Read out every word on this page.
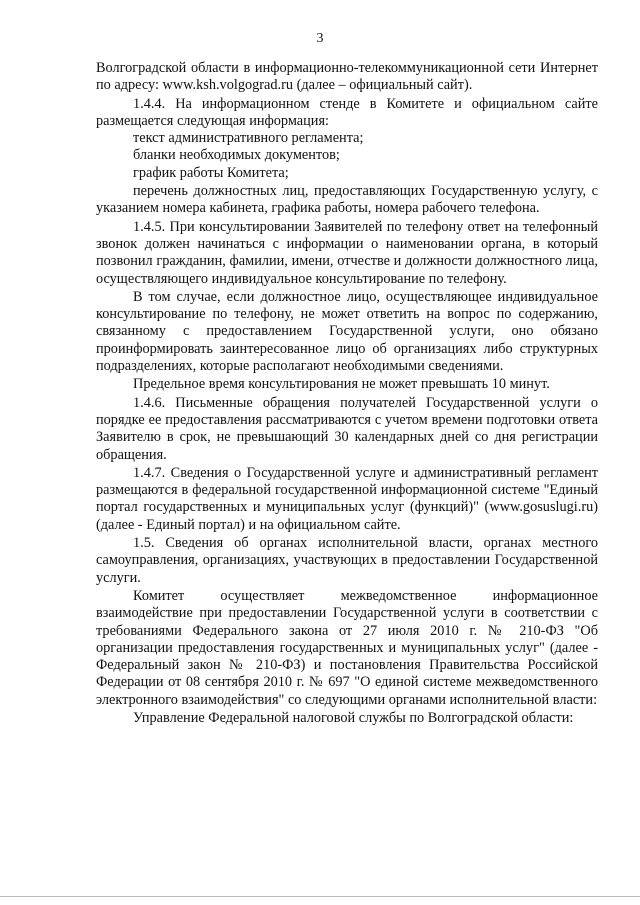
3

Волгоградской области в информационно-телекоммуникационной сети Интернет по адресу: www.ksh.volgograd.ru (далее – официальный сайт).

1.4.4. На информационном стенде в Комитете и официальном сайте размещается следующая информация:

текст административного регламента;

бланки необходимых документов;

график работы Комитета;

перечень должностных лиц, предоставляющих Государственную услугу, с указанием номера кабинета, графика работы, номера рабочего телефона.

1.4.5. При консультировании Заявителей по телефону ответ на телефонный звонок должен начинаться с информации о наименовании органа, в который позвонил гражданин, фамилии, имени, отчестве и должности должностного лица, осуществляющего индивидуальное консультирование по телефону.

В том случае, если должностное лицо, осуществляющее индивидуальное консультирование по телефону, не может ответить на вопрос по содержанию, связанному с предоставлением Государственной услуги, оно обязано проинформировать заинтересованное лицо об организациях либо структурных подразделениях, которые располагают необходимыми сведениями.

Предельное время консультирования не может превышать 10 минут.

1.4.6. Письменные обращения получателей Государственной услуги о порядке ее предоставления рассматриваются с учетом времени подготовки ответа Заявителю в срок, не превышающий 30 календарных дней со дня регистрации обращения.

1.4.7. Сведения о Государственной услуге и административный регламент размещаются в федеральной государственной информационной системе "Единый портал государственных и муниципальных услуг (функций)" (www.gosuslugi.ru) (далее - Единый портал) и на официальном сайте.

1.5. Сведения об органах исполнительной власти, органах местного самоуправления, организациях, участвующих в предоставлении Государственной услуги.

Комитет осуществляет межведомственное информационное взаимодействие при предоставлении Государственной услуги в соответствии с требованиями Федерального закона от 27 июля 2010 г. № 210-ФЗ "Об организации предоставления государственных и муниципальных услуг" (далее - Федеральный закон № 210-ФЗ) и постановления Правительства Российской Федерации от 08 сентября 2010 г. № 697 "О единой системе межведомственного электронного взаимодействия" со следующими органами исполнительной власти:

Управление Федеральной налоговой службы по Волгоградской области:
